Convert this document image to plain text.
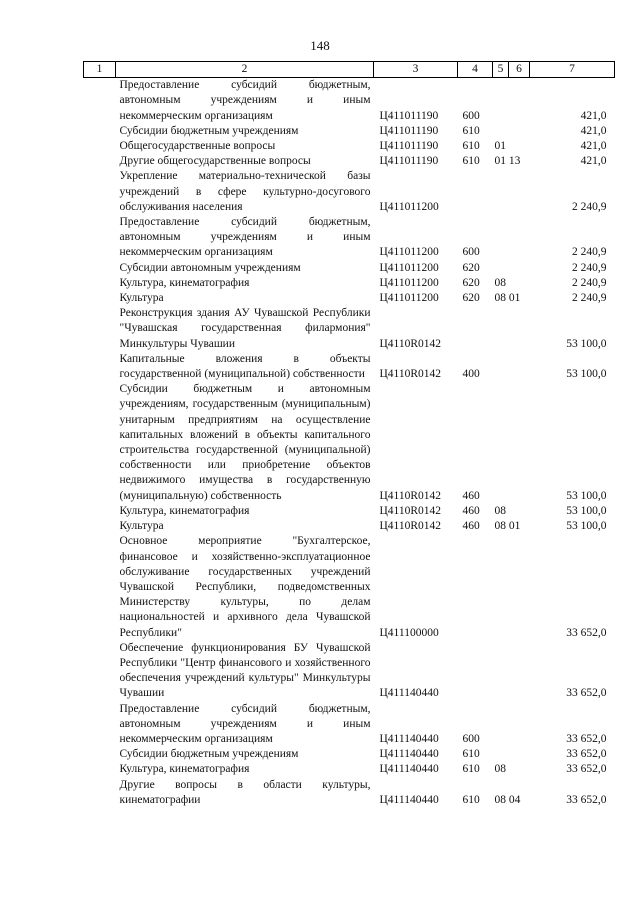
148
1	2	3	4	5	6	7
	Предоставление субсидий бюджетным, автономным учреждениям и иным некоммерческим организациям	Ц411011190	600			421,0
	Субсидии бюджетным учреждениям	Ц411011190	610			421,0
	Общегосударственные вопросы	Ц411011190	610	01		421,0
	Другие общегосударственные вопросы	Ц411011190	610	01 13		421,0
	Укрепление материально-технической базы учреждений в сфере культурно-досугового обслуживания населения	Ц411011200				2 240,9
	Предоставление субсидий бюджетным, автономным учреждениям и иным некоммерческим организациям	Ц411011200	600			2 240,9
	Субсидии автономным учреждениям	Ц411011200	620			2 240,9
	Культура, кинематография	Ц411011200	620	08		2 240,9
	Культура	Ц411011200	620	08 01		2 240,9
	Реконструкция здания АУ Чувашской Республики "Чувашская государственная филармония" Минкультуры Чувашии	Ц4110R0142				53 100,0
	Капитальные вложения в объекты государственной (муниципальной) собственности	Ц4110R0142	400			53 100,0
	Субсидии бюджетным и автономным учреждениям, государственным (муниципальным) унитарным предприятиям на осуществление капитальных вложений в объекты капитального строительства государственной (муниципальной) собственности или приобретение объектов недвижимого имущества в государственную (муниципальную) собственность	Ц4110R0142	460			53 100,0
	Культура, кинематография	Ц4110R0142	460	08		53 100,0
	Культура	Ц4110R0142	460	08 01		53 100,0
	Основное мероприятие "Бухгалтерское, финансовое и хозяйственно-эксплуатационное обслуживание государственных учреждений Чувашской Республики, подведомственных Министерству культуры, по делам национальностей и архивного дела Чувашской Республики"	Ц411100000				33 652,0
	Обеспечение функционирования БУ Чувашской Республики "Центр финансового и хозяйственного обеспечения учреждений культуры" Минкультуры Чувашии	Ц411140440				33 652,0
	Предоставление субсидий бюджетным, автономным учреждениям и иным некоммерческим организациям	Ц411140440	600			33 652,0
	Субсидии бюджетным учреждениям	Ц411140440	610			33 652,0
	Культура, кинематография	Ц411140440	610	08		33 652,0
	Другие вопросы в области культуры, кинематографии	Ц411140440	610	08 04		33 652,0
